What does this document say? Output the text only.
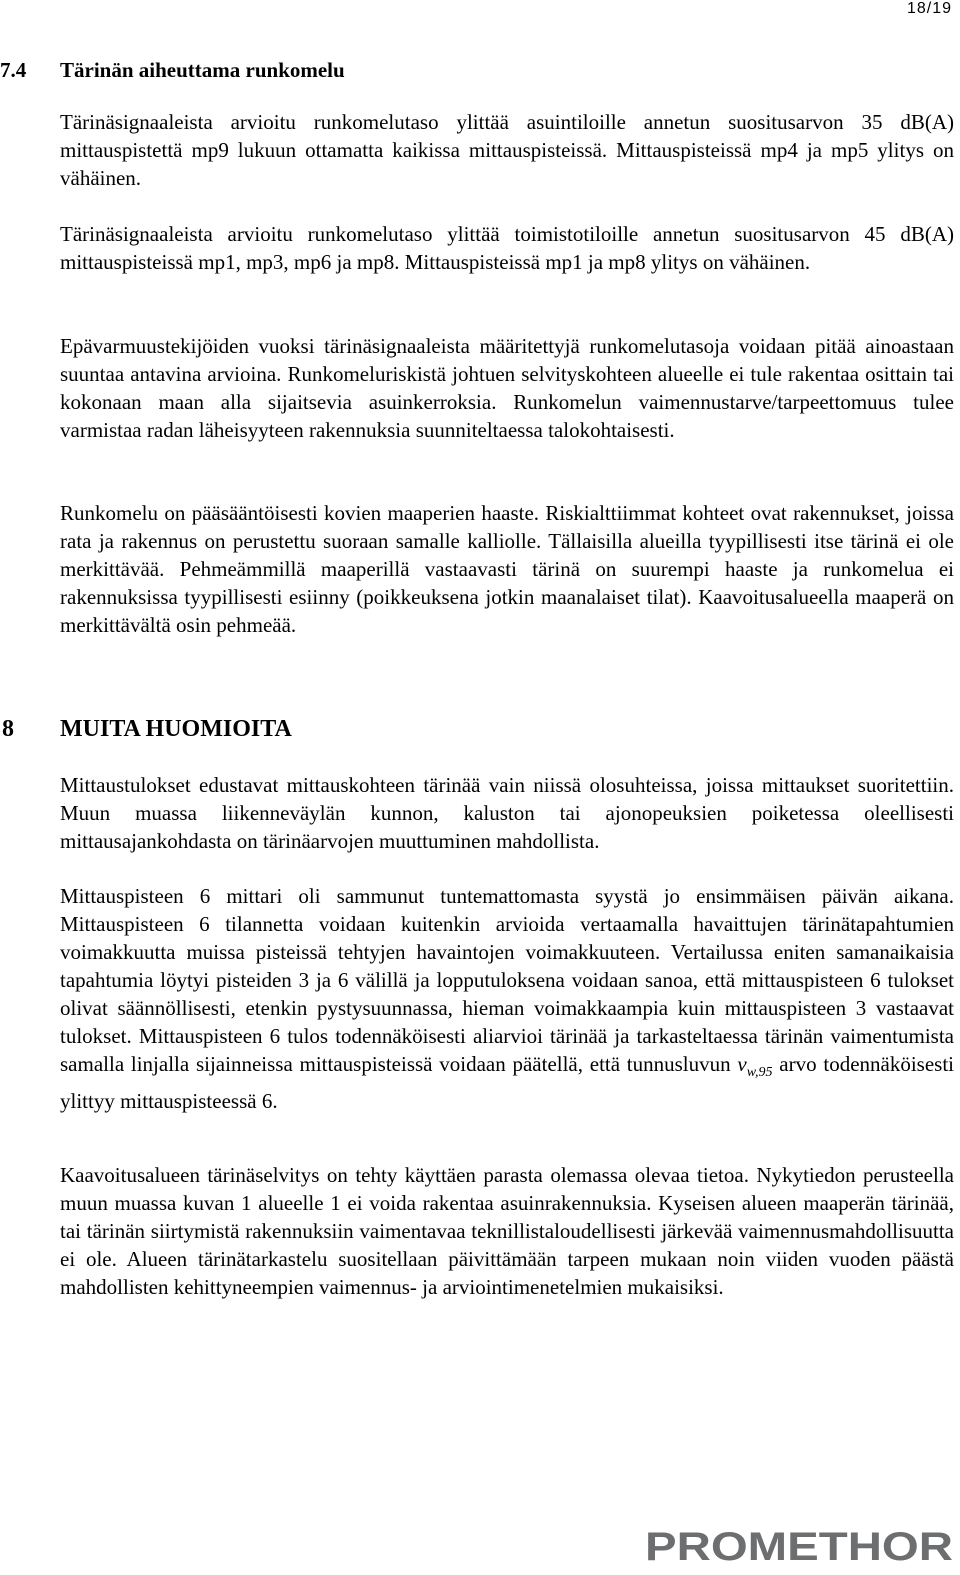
18/19
7.4 Tärinän aiheuttama runkomelu

Tärinäsignaaleista arvioitu runkomelutaso ylittää asuintiloille annetun suositusarvon 35 dB(A) mittauspistettä mp9 lukuun ottamatta kaikissa mittauspisteissä. Mittauspisteissä mp4 ja mp5 ylitys on vähäinen.

Tärinäsignaaleista arvioitu runkomelutaso ylittää toimistotiloille annetun suositusarvon 45 dB(A) mittauspisteissä mp1, mp3, mp6 ja mp8. Mittauspisteissä mp1 ja mp8 ylitys on vähäinen.

Epävarmuustekijöiden vuoksi tärinäsignaaleista määritettyjä runkomelutasoja voidaan pitää ainoastaan suuntaa antavina arvioina. Runkomeluriskistä johtuen selvityskohteen alueelle ei tule rakentaa osittain tai kokonaan maan alla sijaitsevia asuinkerroksia. Runkomelun vaimennustarve/tarpeettomuus tulee varmistaa radan läheisyyteen rakennuksia suunniteltaessa talokohtaisesti.

Runkomelu on pääsääntöisesti kovien maaperien haaste. Riskialttiimmat kohteet ovat rakennukset, joissa rata ja rakennus on perustettu suoraan samalle kalliolle. Tällaisilla alueilla tyypillisesti itse tärinä ei ole merkittävää. Pehmeämmillä maaperillä vastaavasti tärinä on suurempi haaste ja runkomelua ei rakennuksissa tyypillisesti esiinny (poikkeuksena jotkin maanalaiset tilat). Kaavoitusalueella maaperä on merkittävältä osin pehmeää.

8 MUITA HUOMIOITA

Mittaustulokset edustavat mittauskohteen tärinää vain niissä olosuhteissa, joissa mittaukset suoritettiin. Muun muassa liikenneväylän kunnon, kaluston tai ajonopeuksien poiketessa oleellisesti mittausajankohdasta on tärinäarvojen muuttuminen mahdollista.

Mittauspisteen 6 mittari oli sammunut tuntemattomasta syystä jo ensimmäisen päivän aikana. Mittauspisteen 6 tilannetta voidaan kuitenkin arvioida vertaamalla havaittujen tärinätapahtumien voimakkuutta muissa pisteissä tehtyjen havaintojen voimakkuuteen. Vertailussa eniten samanaikaisia tapahtumia löytyi pisteiden 3 ja 6 välillä ja lopputuloksena voidaan sanoa, että mittauspisteen 6 tulokset olivat säännöllisesti, etenkin pystysuunnassa, hieman voimakkaampia kuin mittauspisteen 3 vastaavat tulokset. Mittauspisteen 6 tulos todennäköisesti aliarvioi tärinää ja tarkasteltaessa tärinän vaimentumista samalla linjalla sijainneissa mittauspisteissä voidaan päätellä, että tunnusluvun $v_{w,95}$ arvo todennäköisesti ylittyy mittauspisteessä 6.

Kaavoitusalueen tärinäselvitys on tehty käyttäen parasta olemassa olevaa tietoa. Nykytiedon perusteella muun muassa kuvan 1 alueelle 1 ei voida rakentaa asuinrakennuksia. Kyseisen alueen maaperän tärinää, tai tärinän siirtymistä rakennuksiin vaimentavaa teknillistaloudellisesti järkevää vaimennusmahdollisuutta ei ole. Alueen tärinätarkastelu suositellaan päivittämään tarpeen mukaan noin viiden vuoden päästä mahdollisten kehittyneempien vaimennus- ja arviointimenetelmien mukaisiksi.

PROMETHOR
